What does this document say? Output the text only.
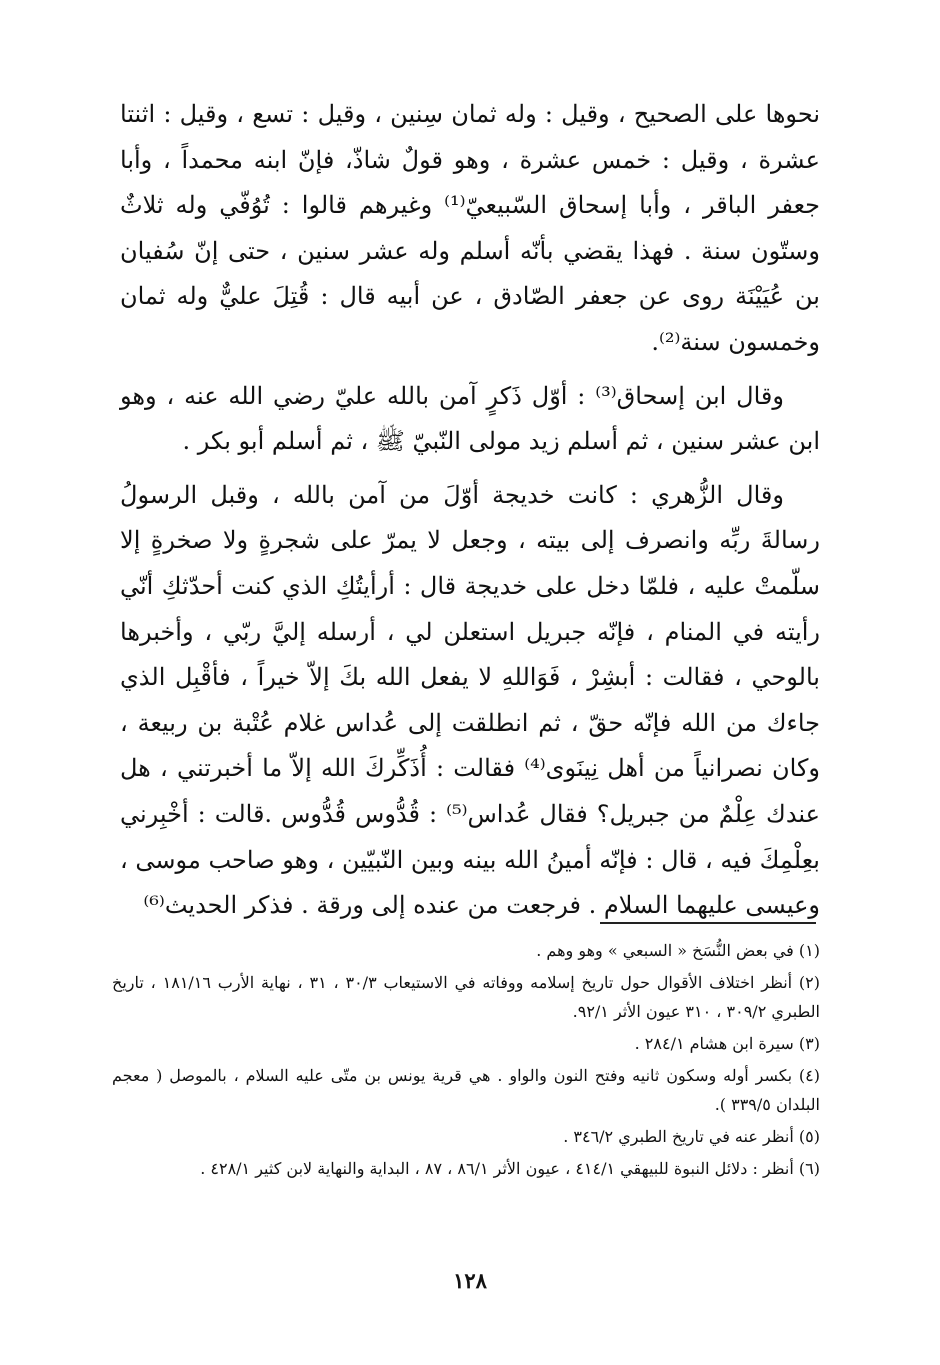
نحوها على الصحيح ، وقيل : وله ثمان سِنين ، وقيل : تسع ، وقيل : اثنتا عشرة ، وقيل : خمس عشرة ، وهو قولٌ شاذّ، فإنّ ابنه محمداً ، وأبا جعفر الباقر ، وأبا إسحاق السّبيعيّ⁽¹⁾ وغيرهم قالوا : تُوُفّي وله ثلاثٌ وستّون سنة . فهذا يقضي بأنّه أسلم وله عشر سنين ، حتى إنّ سُفيان بن عُيَيْنَة روى عن جعفر الصّادق ، عن أبيه قال : قُتِلَ عليٌّ وله ثمان وخمسون سنة⁽²⁾.

وقال ابن إسحاق⁽³⁾ : أوّل ذَكرٍ آمن بالله عليّ رضي الله عنه ، وهو ابن عشر سنين ، ثم أسلم زيد مولى النّبيّ ﷺ ، ثم أسلم أبو بكر .

وقال الزُّهري : كانت خديجة أوّلَ من آمن بالله ، وقبل الرسولُ رسالةَ ربِّه وانصرف إلى بيته ، وجعل لا يمرّ على شجرةٍ ولا صخرةٍ إلا سلّمتْ عليه ، فلمّا دخل على خديجة قال : أرأيتُكِ الذي كنت أحدّثكِ أنّي رأيته في المنام ، فإنّه جبريل استعلن لي ، أرسله إليَّ ربّي ، وأخبرها بالوحي ، فقالت : أبشِرْ ، فَوَاللهِ لا يفعل الله بكَ إلاّ خيراً ، فأقْبِل الذي جاءك من الله فإنّه حقّ ، ثم انطلقت إلى عُداس غلام عُتْبة بن ربيعة ، وكان نصرانياً من أهل نِينَوى⁽⁴⁾ فقالت : أُذَكِّركَ الله إلاّ ما أخبرتني ، هل عندك عِلْمٌ من جبريل؟ فقال عُداس⁽⁵⁾ : قُدُّوس قُدُّوس .قالت : أخْبِرني بعِلْمِكَ فيه ، قال : فإنّه أمينُ الله بينه وبين النّبيّين ، وهو صاحب موسى ، وعيسى عليهما السلام . فرجعت من عنده إلى ورقة . فذكر الحديث⁽⁶⁾

(١) في بعض النُّسَخ « السبعي » وهو وهم .

(٢) أنظر اختلاف الأقوال حول تاريخ إسلامه ووفاته في الاستيعاب ٣٠/٣ ، ٣١ ، نهاية الأرب ١٨١/١٦ ، تاريخ الطبري ٣٠٩/٢ ، ٣١٠ عيون الأثر ٩٢/١.

(٣) سيرة ابن هشام ٢٨٤/١ .

(٤) بكسر أوله وسكون ثانيه وفتح النون والواو . هي قرية يونس بن متّى عليه السلام ، بالموصل ( معجم البلدان ٣٣٩/٥ ).

(٥) أنظر عنه في تاريخ الطبري ٣٤٦/٢ .

(٦) أنظر : دلائل النبوة للبيهقي ٤١٤/١ ، عيون الأثر ٨٦/١ ، ٨٧ ، البداية والنهاية لابن كثير ٤٢٨/١ .

١٢٨
